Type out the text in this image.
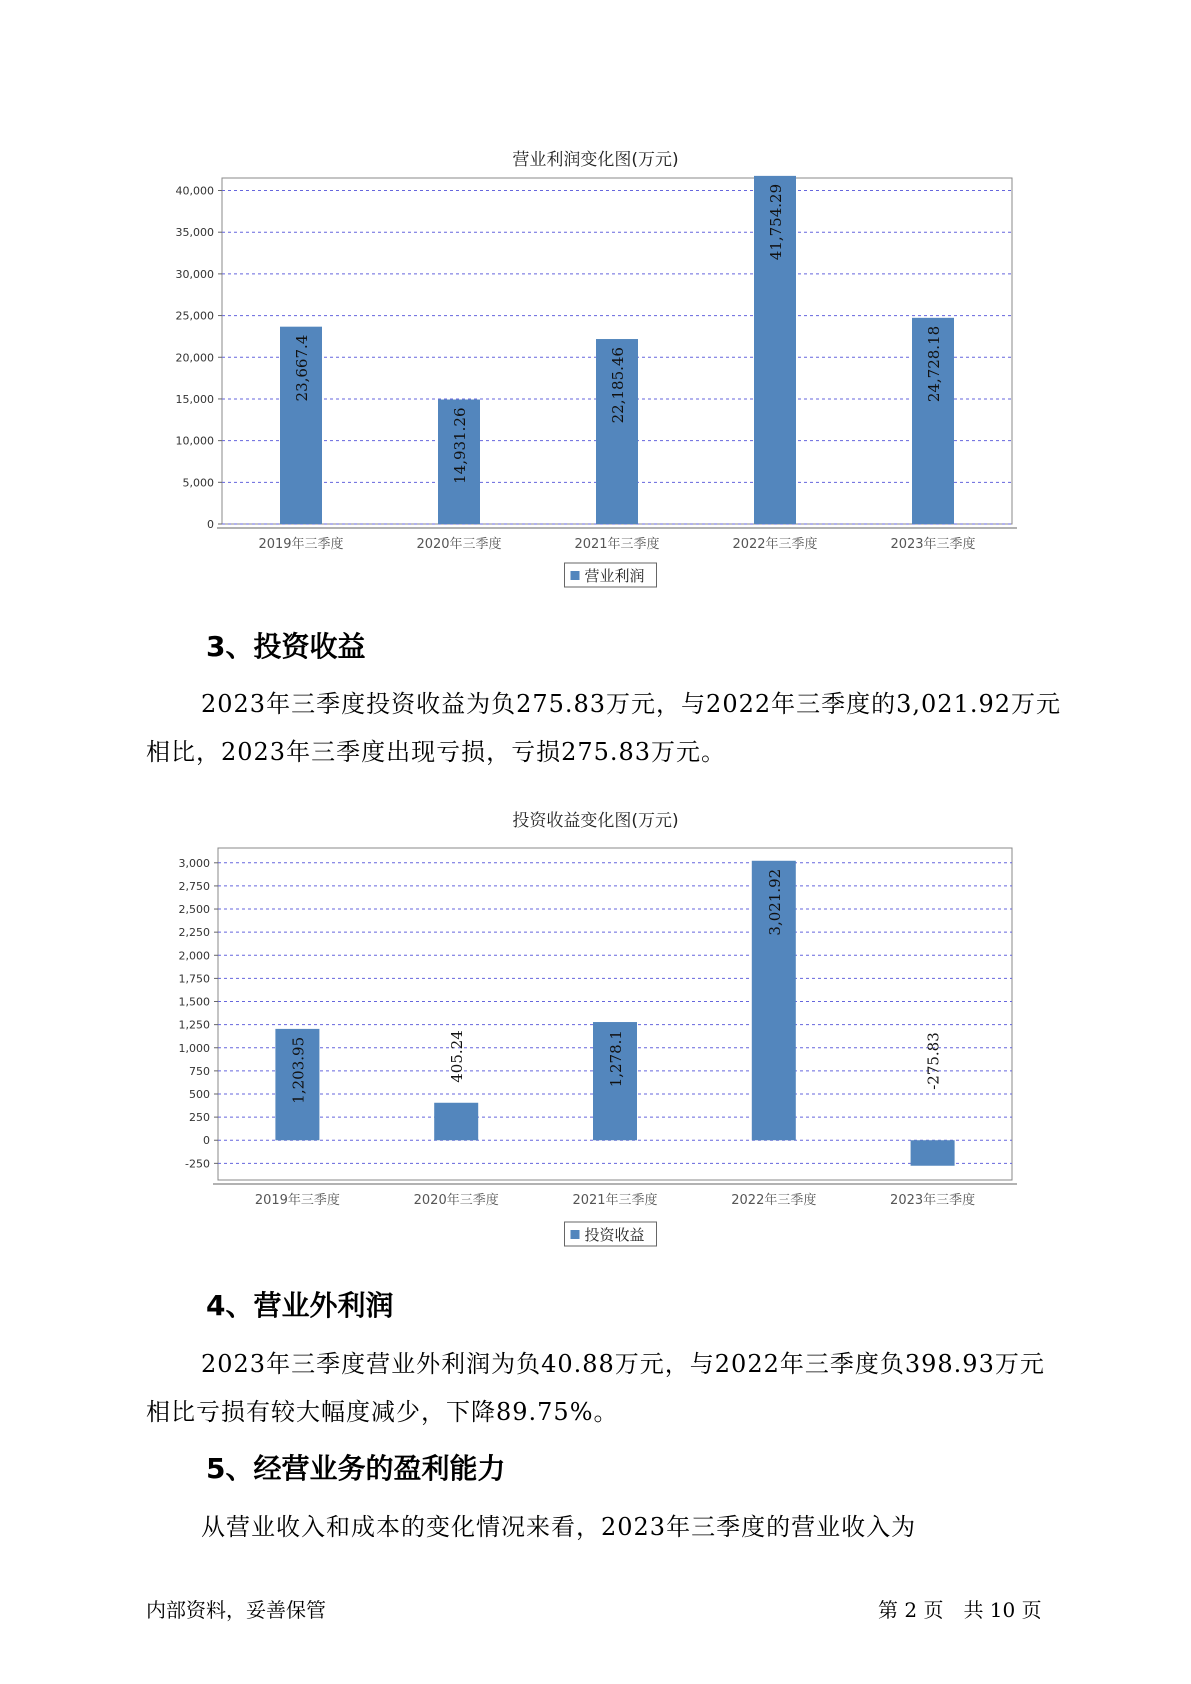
营业利润变化图(万元)
0
5,000
10,000
15,000
20,000
25,000
30,000
35,000
40,000
23,667.4
2019年三季度
14,931.26
2020年三季度
22,185.46
2021年三季度
41,754.29
2022年三季度
24,728.18
2023年三季度
营业利润
3、投资收益
2023年三季度投资收益为负275.83万元，与2022年三季度的3,021.92万元相比，2023年三季度出现亏损，亏损275.83万元。
投资收益变化图(万元)
-250
0
250
500
750
1,000
1,250
1,500
1,750
2,000
2,250
2,500
2,750
3,000
1,203.95
2019年三季度
405.24
2020年三季度
1,278.1
2021年三季度
3,021.92
2022年三季度
-275.83
2023年三季度
投资收益
4、营业外利润
2023年三季度营业外利润为负40.88万元，与2022年三季度负398.93万元相比亏损有较大幅度减少，下降89.75%。
5、经营业务的盈利能力
从营业收入和成本的变化情况来看，2023年三季度的营业收入为
内部资料，妥善保管	第 2 页　共 10 页
